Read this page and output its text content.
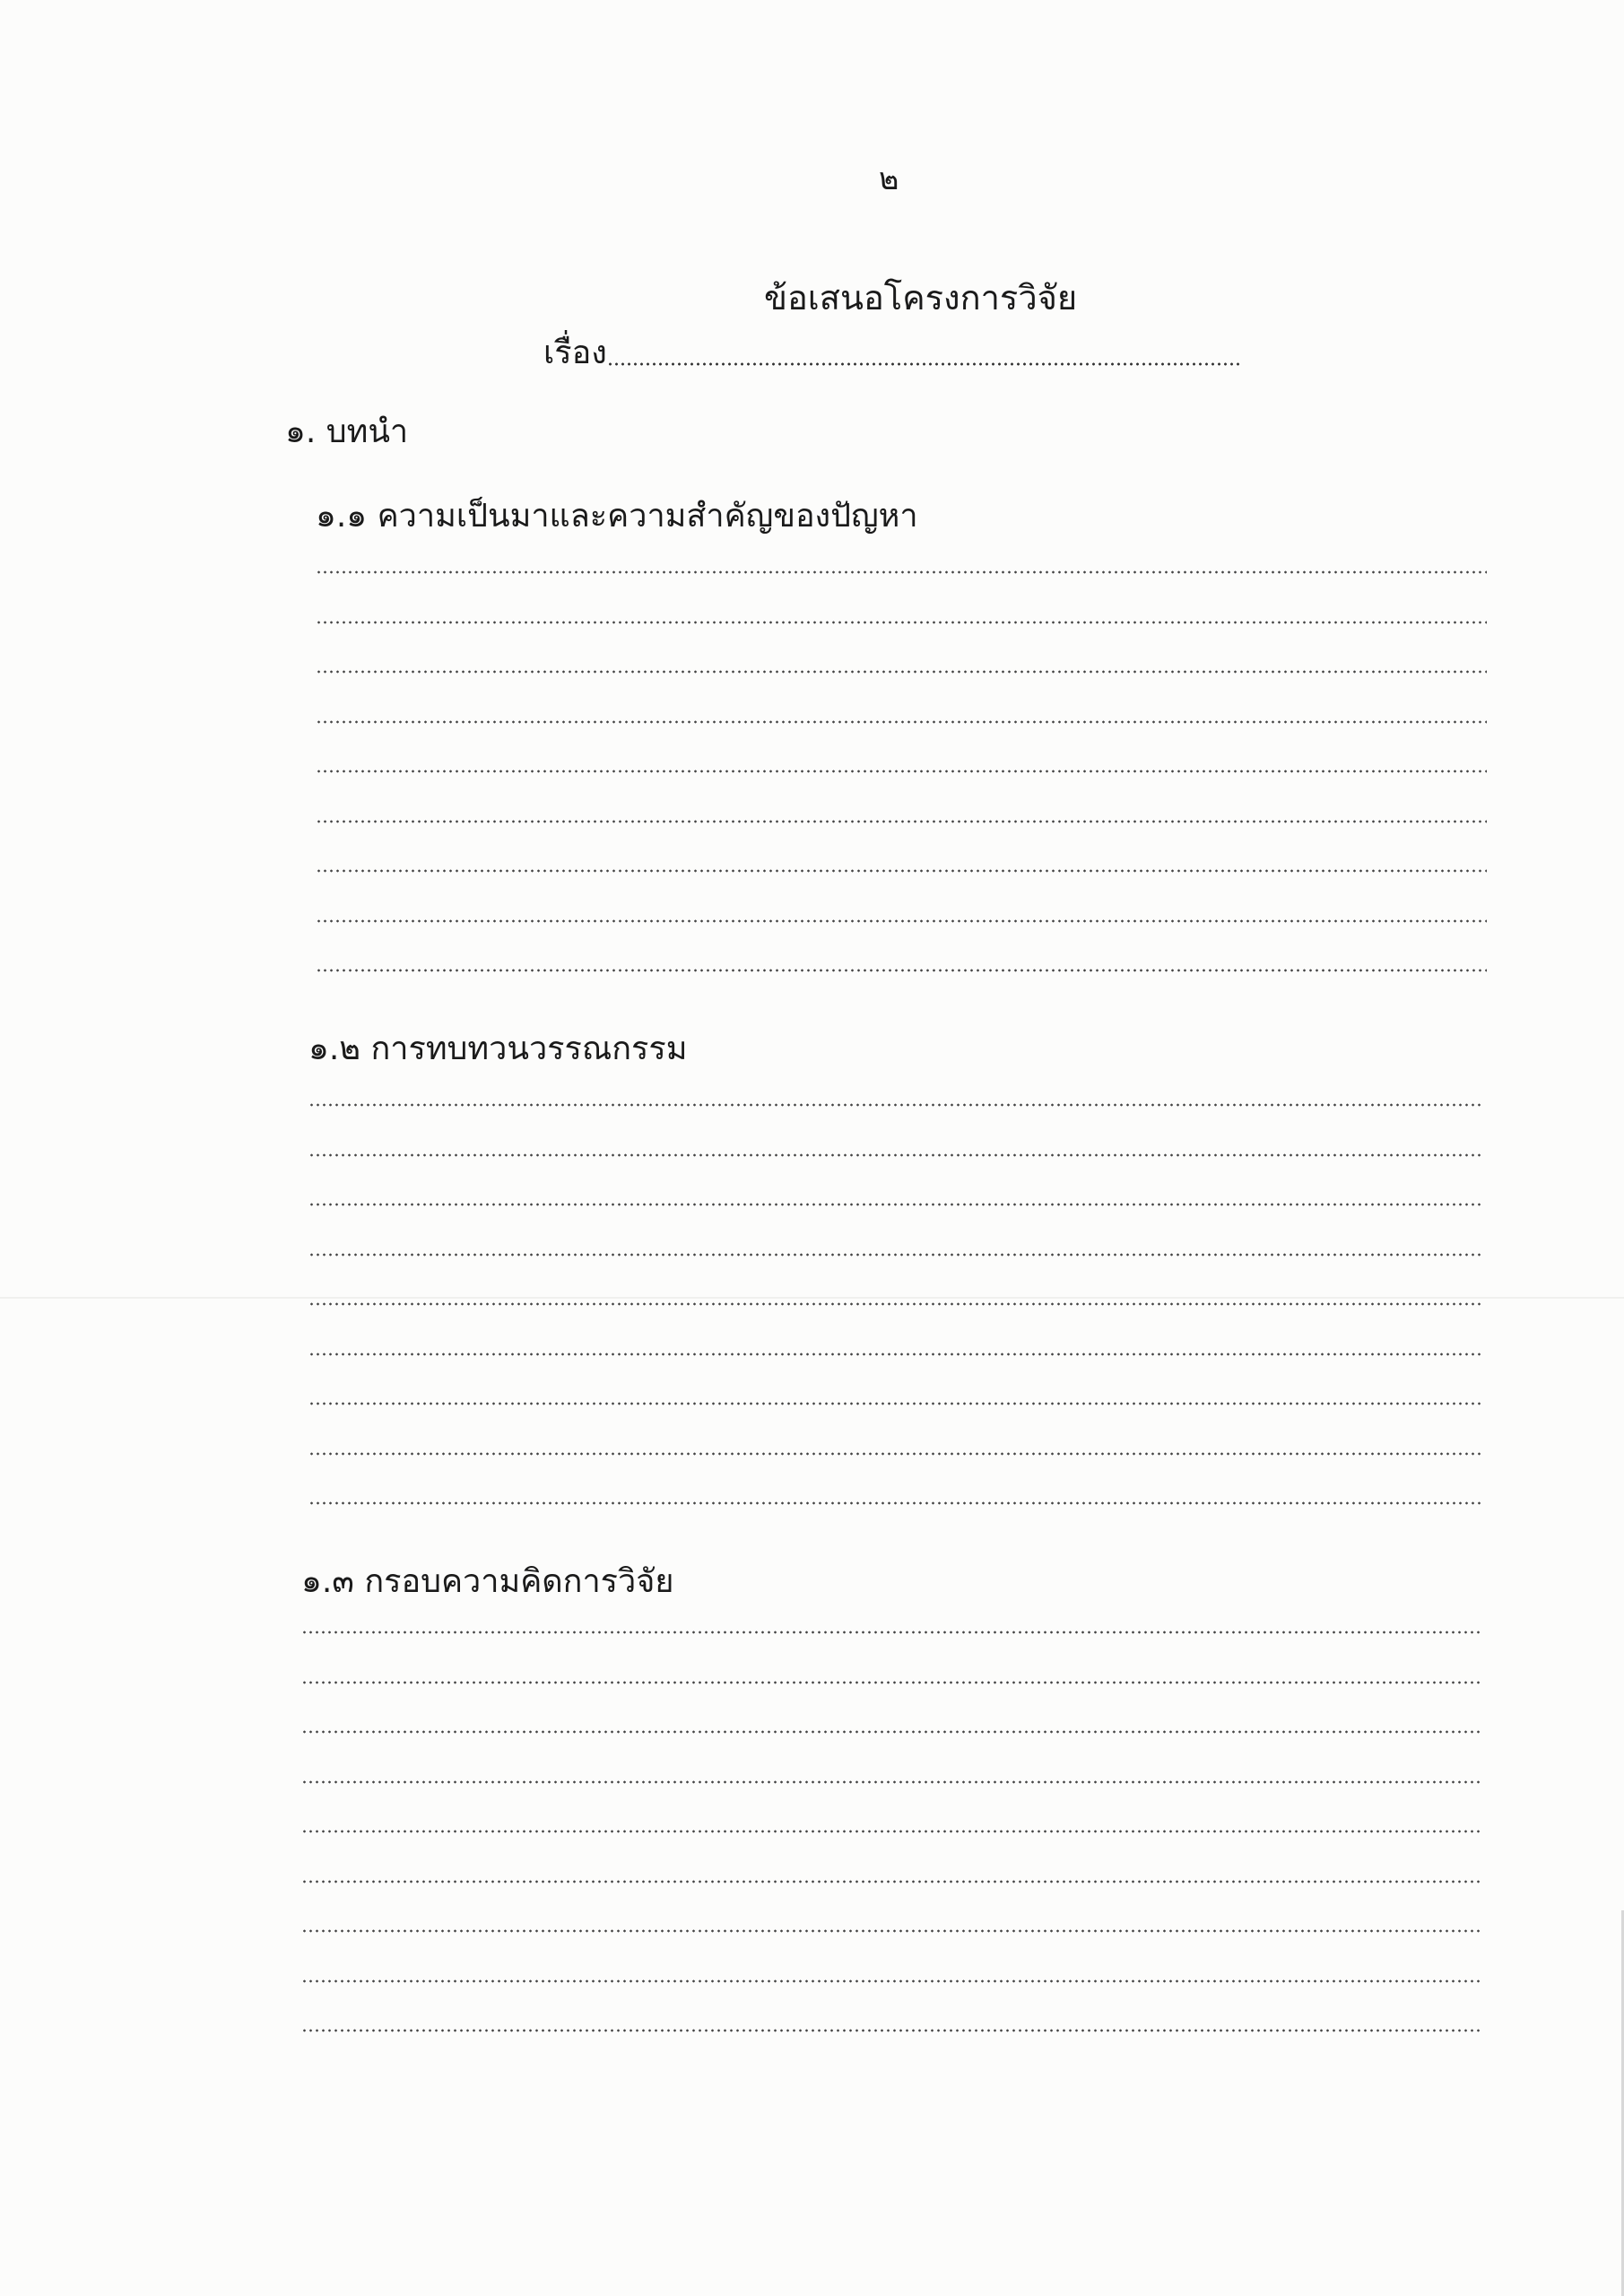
๒
ข้อเสนอโครงการวิจัย
เรื่อง
๑. บทนำ
๑.๑ ความเป็นมาและความสำคัญของปัญหา
๑.๒ การทบทวนวรรณกรรม
๑.๓ กรอบความคิดการวิจัย
